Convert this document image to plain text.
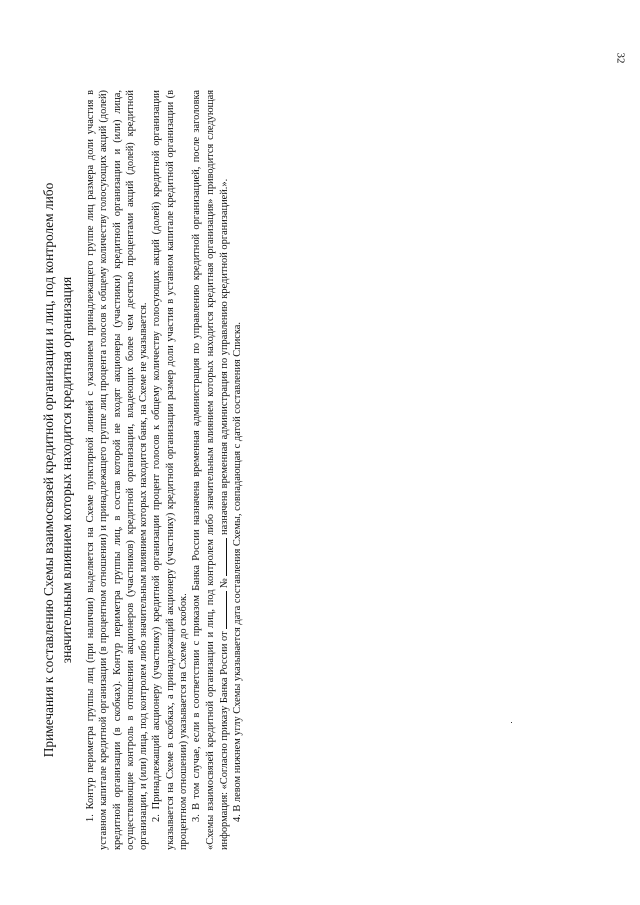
32
Примечания к составлению Схемы взаимосвязей кредитной организации и лиц, под контролем либо значительным влиянием которых находится кредитная организация 1. Контур периметра группы лиц (при наличии) выделяется на Схеме пунктирной линией с указанием принадлежащего группе лиц размера доли участия в уставном капитале кредитной организации (в процентном отношении) и принадлежащего группе лиц процента голосов к общему количеству голосующих акций (долей) кредитной организации (в скобках). Контур периметра группы лиц, в состав которой не входят акционеры (участники) кредитной организации и (или) лица, осуществляющие контроль в отношении акционеров (участников) кредитной организации, владеющих более чем десятью процентами акций (долей) кредитной организации, и (или) лица, под контролем либо значительным влиянием которых находится банк, на Схеме не указывается. 2. Принадлежащий акционеру (участнику) кредитной организации процент голосов к общему количеству голосующих акций (долей) кредитной организации указывается на Схеме в скобках, а принадлежащий акционеру (участнику) кредитной организации размер доли участия в уставном капитале кредитной организации (в процентном отношении) указывается на Схеме до скобок. 3. В том случае, если в соответствии с приказом Банка России назначена временная администрация по управлению кредитной организацией, после заголовка «Схемы взаимосвязей кредитной организации и лиц, под контролем либо значительным влиянием которых находится кредитная организация» приводится следующая информация: «Согласно приказу Банка России от  №  назначена временная администрация по управлению кредитной организацией.». 4. В левом нижнем углу Схемы указывается дата составления Схемы, совпадающая с датой составления Списка.
